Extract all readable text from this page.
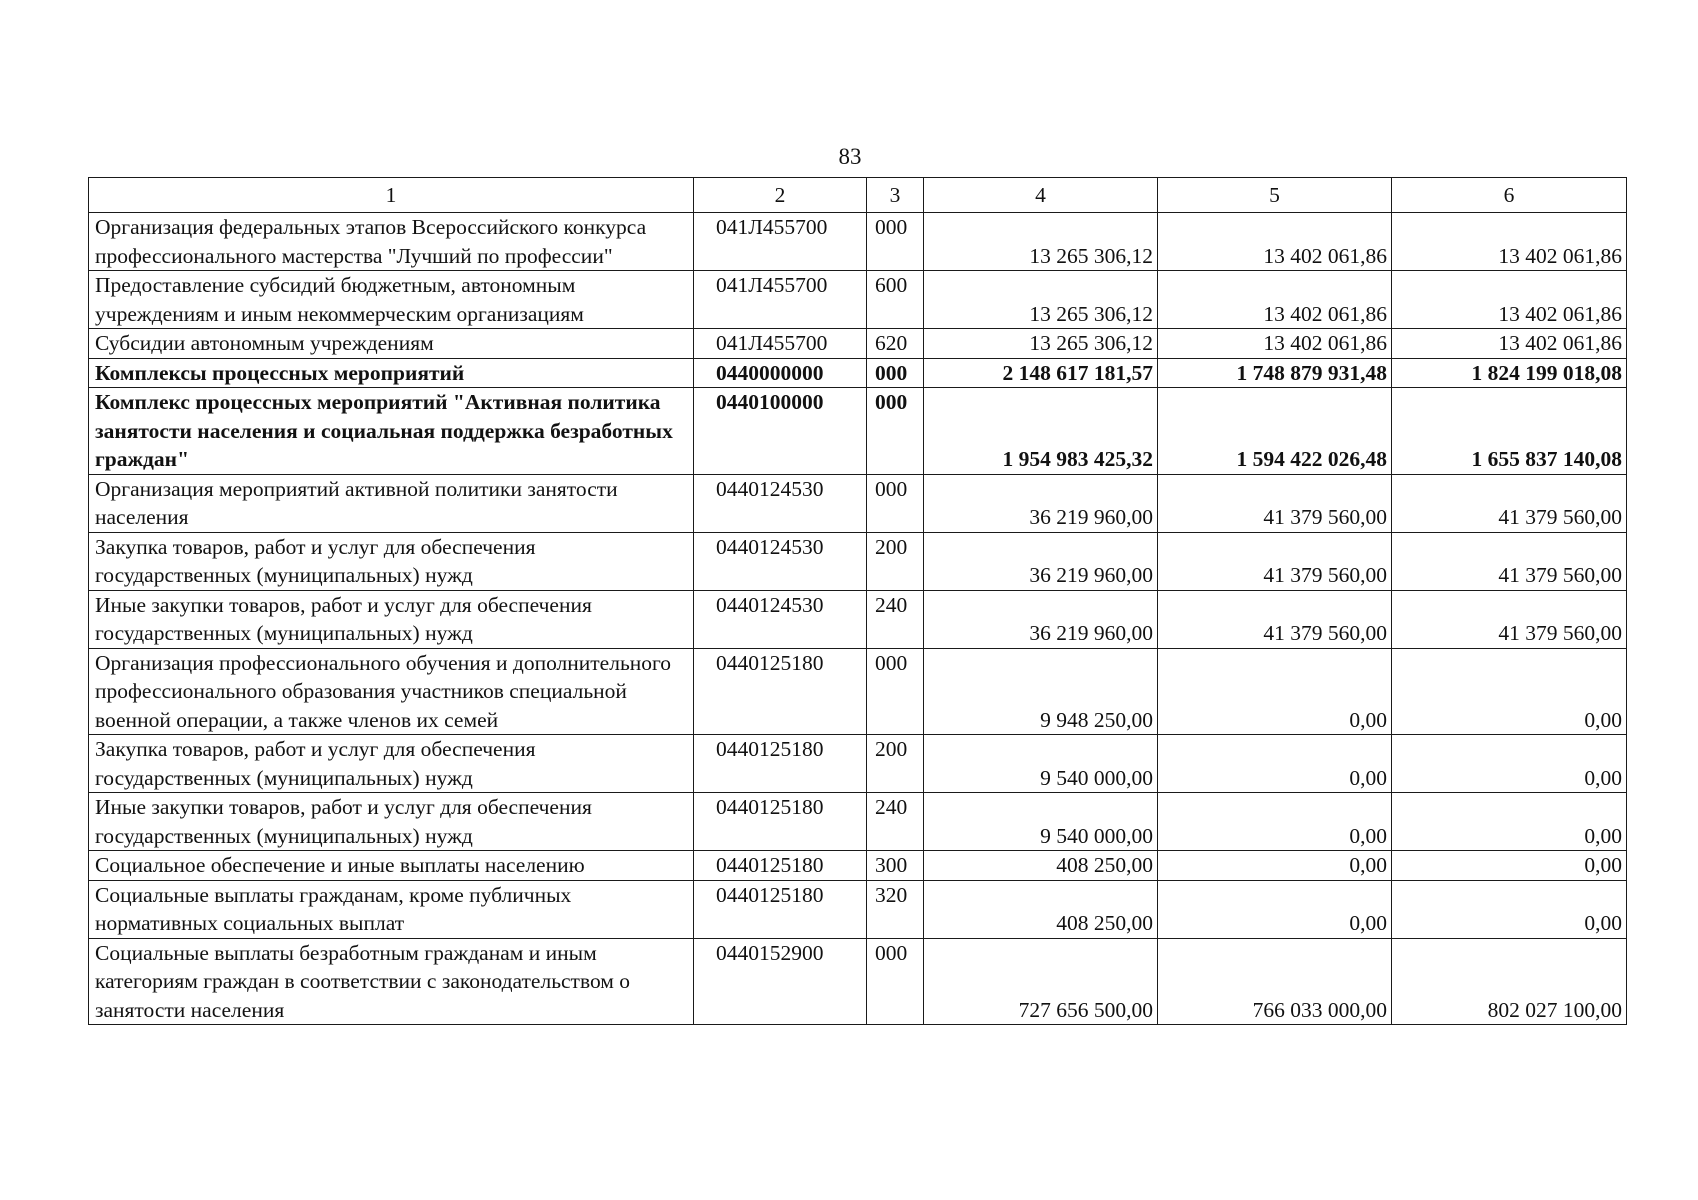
83
1	2	3	4	5	6
Организация федеральных этапов Всероссийского конкурса профессионального мастерства "Лучший по профессии"	041Л455700	000	13 265 306,12	13 402 061,86	13 402 061,86
Предоставление субсидий бюджетным, автономным учреждениям и иным некоммерческим организациям	041Л455700	600	13 265 306,12	13 402 061,86	13 402 061,86
Субсидии автономным учреждениям	041Л455700	620	13 265 306,12	13 402 061,86	13 402 061,86
Комплексы процессных мероприятий	0440000000	000	2 148 617 181,57	1 748 879 931,48	1 824 199 018,08
Комплекс процессных мероприятий "Активная политика занятости населения и социальная поддержка безработных граждан"	0440100000	000	1 954 983 425,32	1 594 422 026,48	1 655 837 140,08
Организация мероприятий активной политики занятости населения	0440124530	000	36 219 960,00	41 379 560,00	41 379 560,00
Закупка товаров, работ и услуг для обеспечения государственных (муниципальных) нужд	0440124530	200	36 219 960,00	41 379 560,00	41 379 560,00
Иные закупки товаров, работ и услуг для обеспечения государственных (муниципальных) нужд	0440124530	240	36 219 960,00	41 379 560,00	41 379 560,00
Организация профессионального обучения и дополнительного профессионального образования участников специальной военной операции, а также членов их семей	0440125180	000	9 948 250,00	0,00	0,00
Закупка товаров, работ и услуг для обеспечения государственных (муниципальных) нужд	0440125180	200	9 540 000,00	0,00	0,00
Иные закупки товаров, работ и услуг для обеспечения государственных (муниципальных) нужд	0440125180	240	9 540 000,00	0,00	0,00
Социальное обеспечение и иные выплаты населению	0440125180	300	408 250,00	0,00	0,00
Социальные выплаты гражданам, кроме публичных нормативных социальных выплат	0440125180	320	408 250,00	0,00	0,00
Социальные выплаты безработным гражданам и иным категориям граждан в соответствии с законодательством о занятости населения	0440152900	000	727 656 500,00	766 033 000,00	802 027 100,00
